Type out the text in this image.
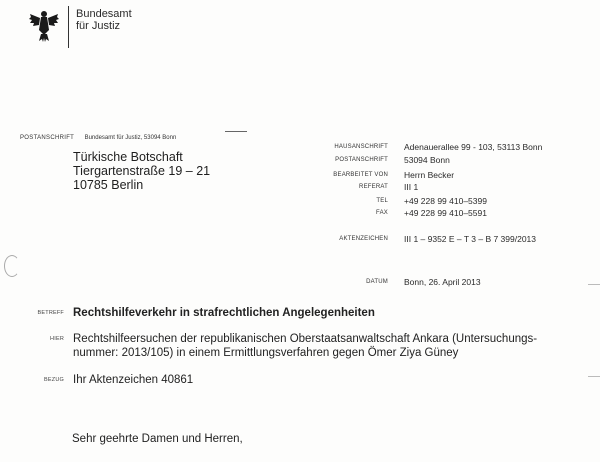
Bundesamt
für Justiz
POSTANSCHRIFT Bundesamt für Justiz, 53094 Bonn
Türkische Botschaft
Tiergartenstraße 19 – 21
10785 Berlin
HAUSANSCHRIFT Adenauerallee 99 - 103, 53113 Bonn
POSTANSCHRIFT 53094 Bonn
BEARBEITET VON Herrn Becker
REFERAT III 1
TEL +49 228 99 410–5399
FAX +49 228 99 410–5591
AKTENZEICHEN III 1 – 9352 E – T 3 – B 7 399/2013
DATUM Bonn, 26. April 2013
BETREFF Rechtshilfeverkehr in strafrechtlichen Angelegenheiten
HIER Rechtshilfeersuchen der republikanischen Oberstaatsanwaltschaft Ankara (Untersuchungs-
nummer: 2013/105) in einem Ermittlungsverfahren gegen Ömer Ziya Güney
BEZUG Ihr Aktenzeichen 40861
Sehr geehrte Damen und Herren,
